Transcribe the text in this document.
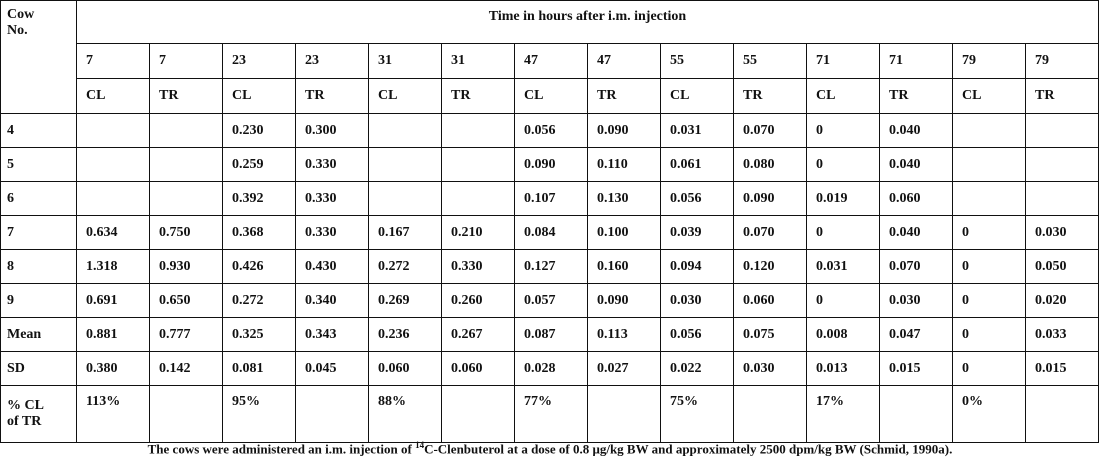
Cow
No.	Time in hours after i.m. injection													
	7	7	23	23	31	31	47	47	55	55	71	71	79	79
	CL	TR	CL	TR	CL	TR	CL	TR	CL	TR	CL	TR	CL	TR
4			0.230	0.300			0.056	0.090	0.031	0.070	0	0.040		
5			0.259	0.330			0.090	0.110	0.061	0.080	0	0.040		
6			0.392	0.330			0.107	0.130	0.056	0.090	0.019	0.060		
7	0.634	0.750	0.368	0.330	0.167	0.210	0.084	0.100	0.039	0.070	0	0.040	0	0.030
8	1.318	0.930	0.426	0.430	0.272	0.330	0.127	0.160	0.094	0.120	0.031	0.070	0	0.050
9	0.691	0.650	0.272	0.340	0.269	0.260	0.057	0.090	0.030	0.060	0	0.030	0	0.020
Mean	0.881	0.777	0.325	0.343	0.236	0.267	0.087	0.113	0.056	0.075	0.008	0.047	0	0.033
SD	0.380	0.142	0.081	0.045	0.060	0.060	0.028	0.027	0.022	0.030	0.013	0.015	0	0.015
% CL
of TR	113%		95%		88%		77%		75%		17%		0%	
The cows were administered an i.m. injection of $^{14}$C-Clenbuterol at a dose of 0.8 μg/kg BW and approximately 2500 dpm/kg BW (Schmid, 1990a).
